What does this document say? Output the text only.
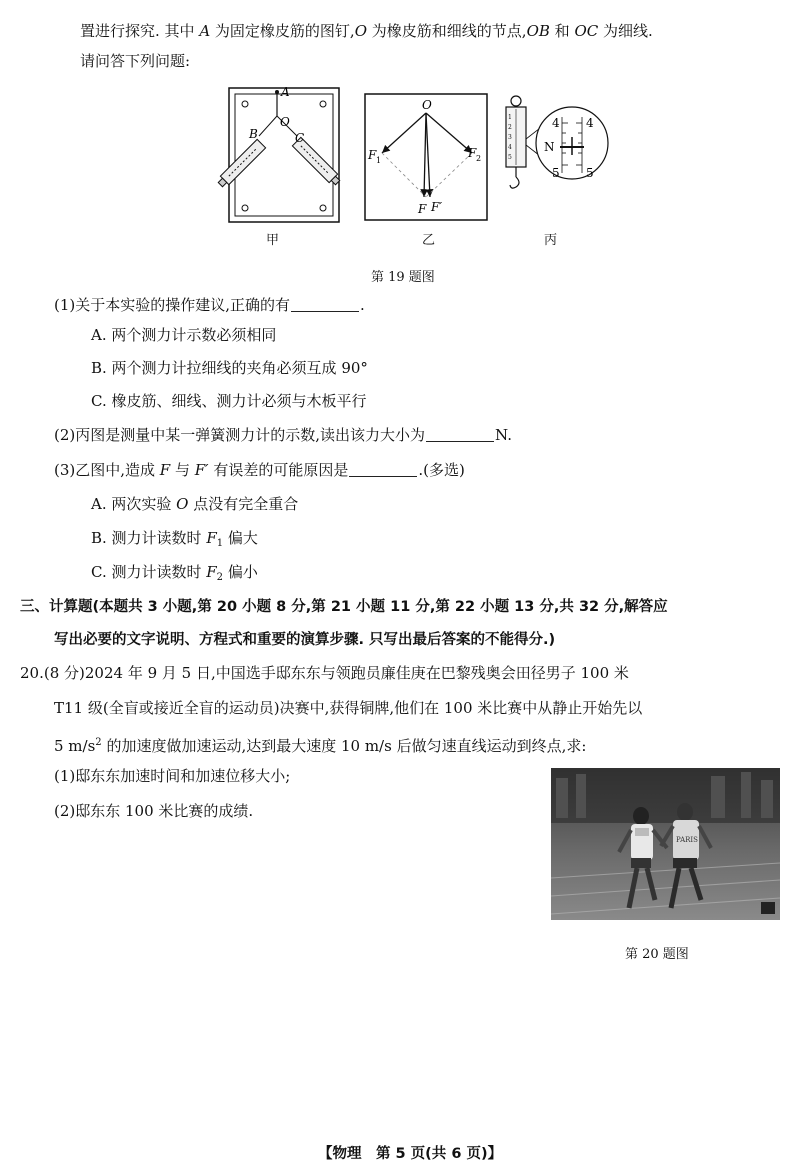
置进行探究. 其中 A 为固定橡皮筋的图钉,O 为橡皮筋和细线的节点,OB 和 OC 为细线.
请问答下列问题:
A
O
B	C
甲
O
F 1
F 2
F F′
乙
1
2
3
4
5
4 4
5 5
N
丙
第 19 题图
(1)关于本实验的操作建议,正确的有	.
A. 两个测力计示数必须相同
B. 两个测力计拉细线的夹角必须互成 90°
C. 橡皮筋、细线、测力计必须与木板平行
(2)丙图是测量中某一弹簧测力计的示数,读出该力大小为	N.
(3)乙图中,造成 F 与 F′ 有误差的可能原因是	.(多选)
A. 两次实验 O 点没有完全重合
B. 测力计读数时 $F_1$ 偏大
C. 测力计读数时 $F_2$ 偏小
三、计算题(本题共 3 小题,第 20 小题 8 分,第 21 小题 11 分,第 22 小题 13 分,共 32 分,解答应
写出必要的文字说明、方程式和重要的演算步骤. 只写出最后答案的不能得分.)
20.(8 分)2024 年 9 月 5 日,中国选手邸东东与领跑员廉佳庚在巴黎残奥会田径男子 100 米
T11 级(全盲或接近全盲的运动员)决赛中,获得铜牌,他们在 100 米比赛中从静止开始先以
5 $m/s^2$ 的加速度做加速运动,达到最大速度 10 m/s 后做匀速直线运动到终点,求:
(1)邸东东加速时间和加速位移大小;
(2)邸东东 100 米比赛的成绩.
PARIS
第 20 题图
【物理　第 5 页(共 6 页)】
